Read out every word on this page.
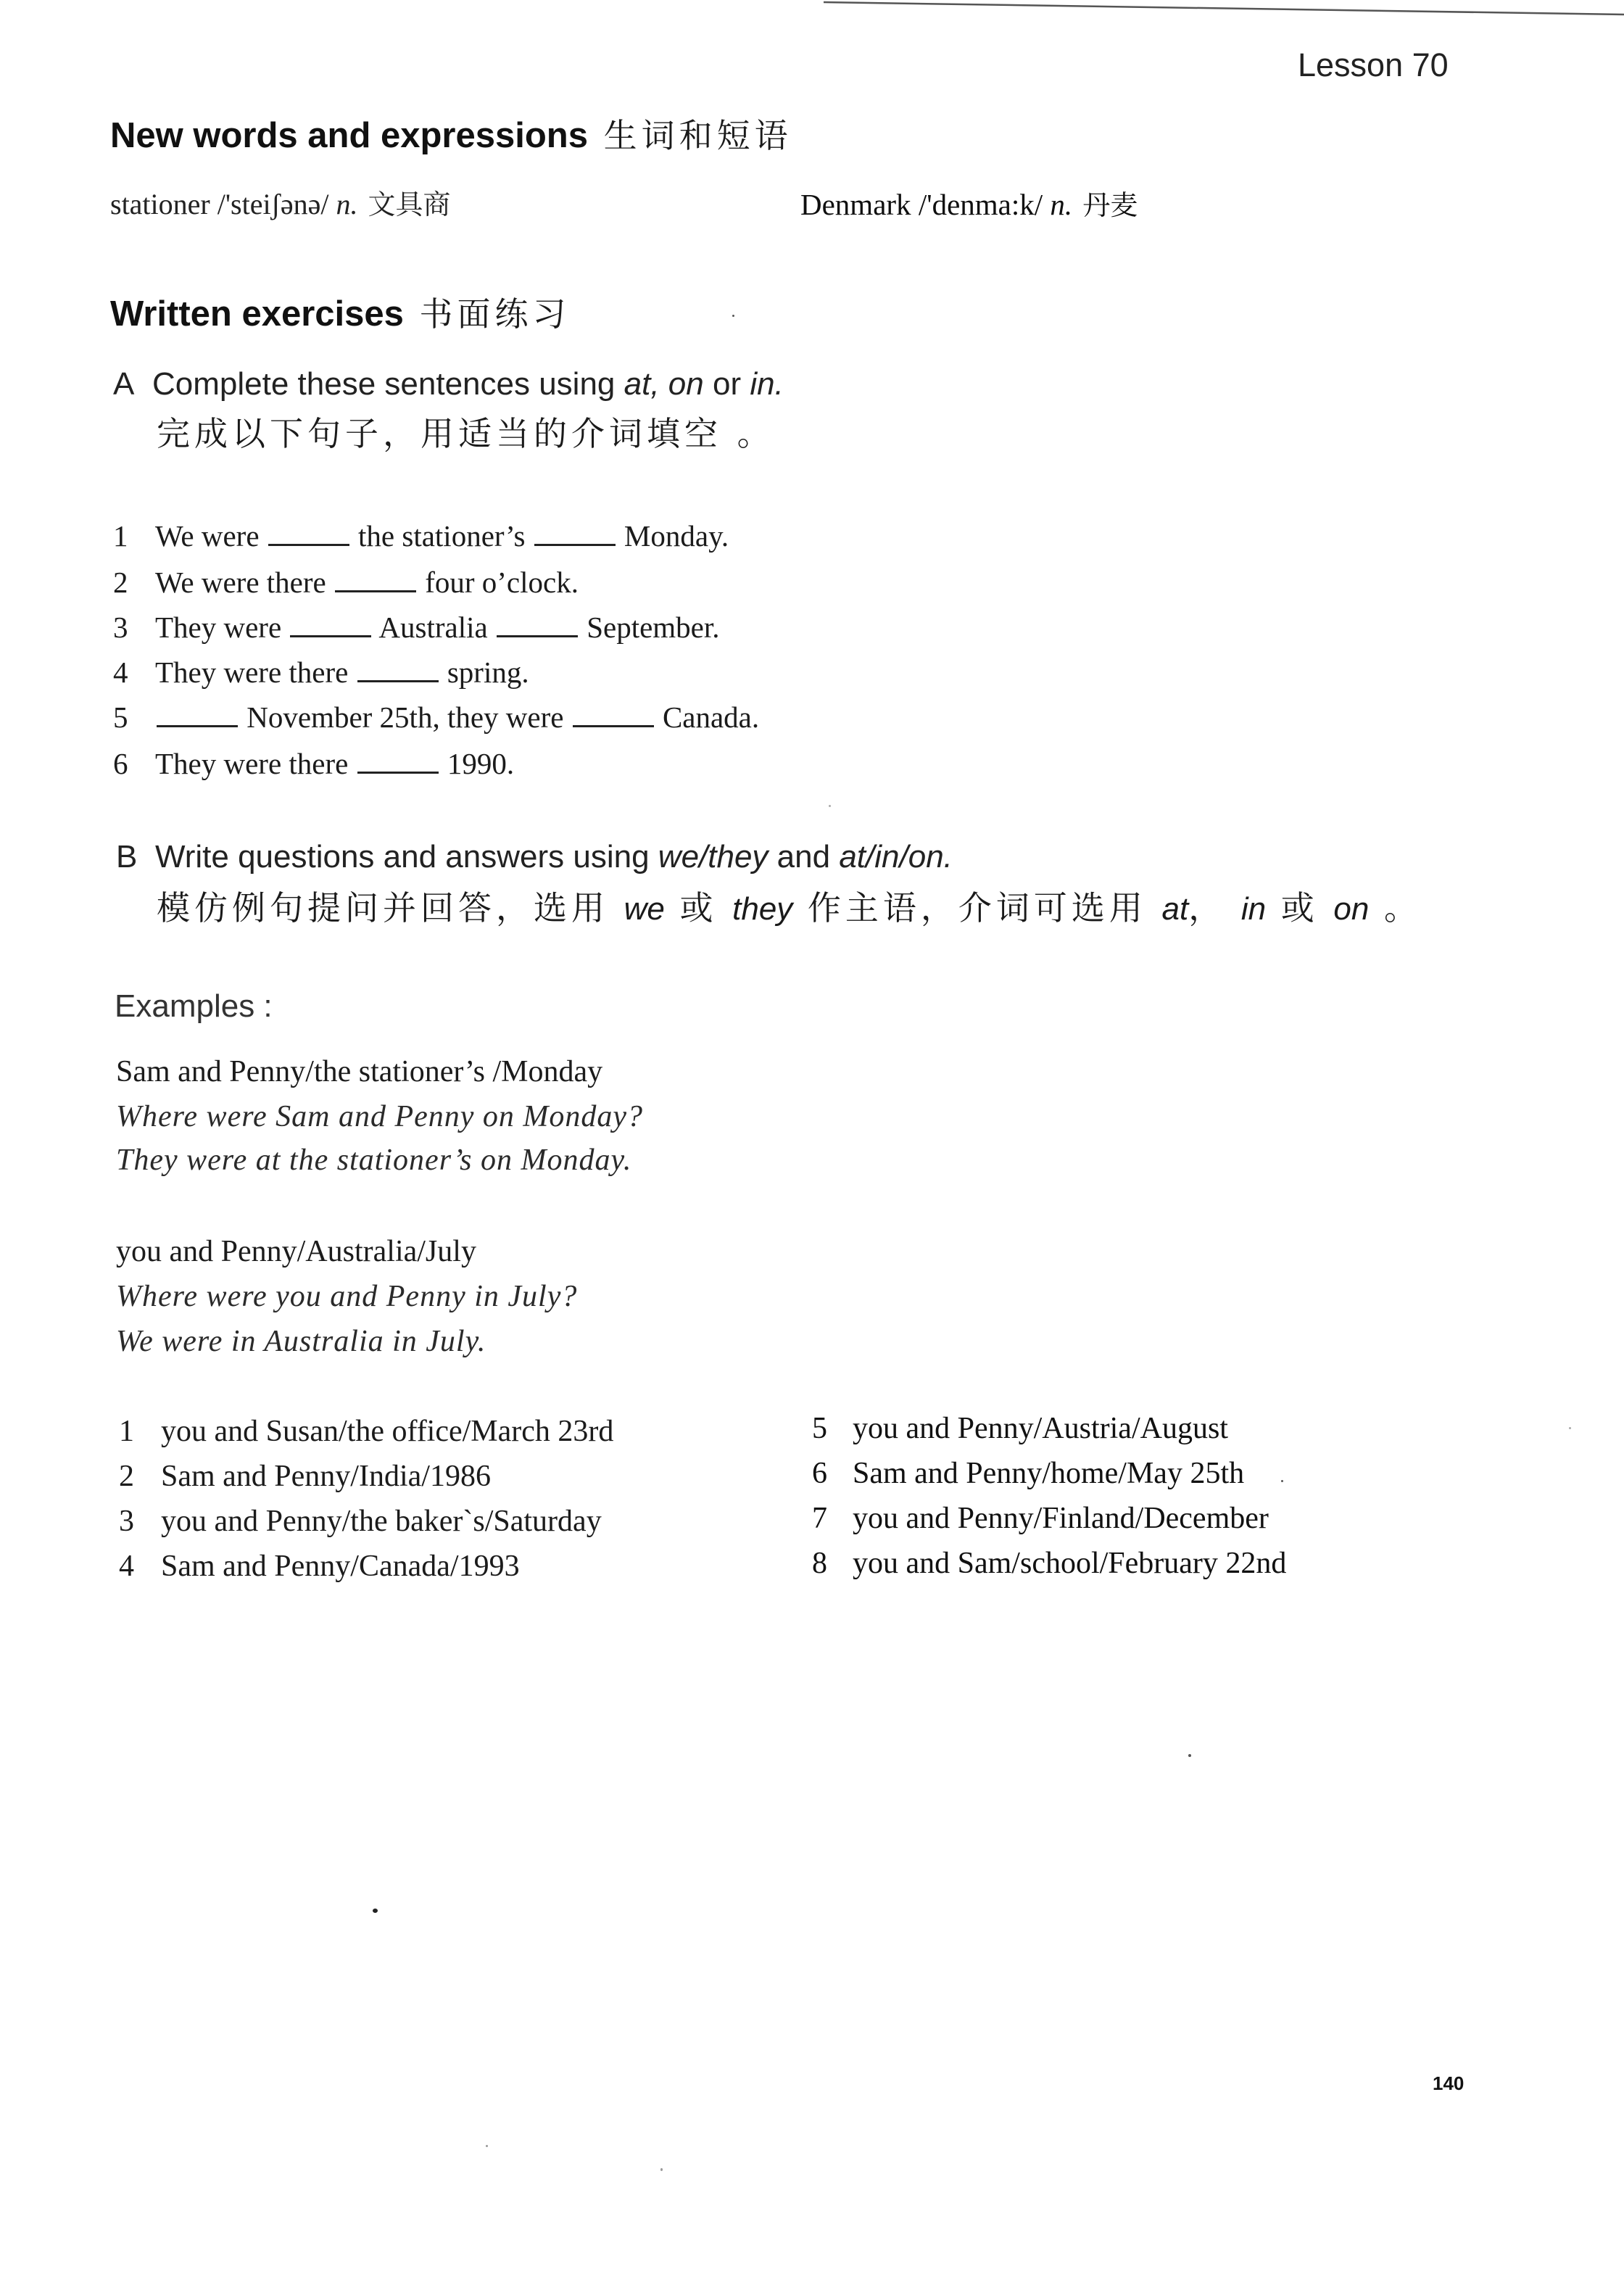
Lesson 70
New words and expressions 生词和短语
stationer /'steiʃənə/ n. 文具商	Denmark /'denma:k/ n. 丹麦
Written exercises 书面练习
A Complete these sentences using at, on or in.
完成以下句子，用适当的介词填空 。
1 We were	the stationer’s	Monday.
2 We were there	four o’clock.
3 They were	Australia	September.
4 They were there	spring.
5	November 25th, they were	Canada.
6 They were there	1990.
B Write questions and answers using we/they and at/in/on.
模仿例句提问并回答，选用 we 或 they 作主语，介词可选用 at， in 或 on 。
Examples :
Sam and Penny/the stationer’s /Monday
Where were Sam and Penny on Monday?
They were at the stationer’s on Monday.
you and Penny/Australia/July
Where were you and Penny in July?
We were in Australia in July.
1 you and Susan/the office/March 23rd
2 Sam and Penny/India/1986
3 you and Penny/the baker`s/Saturday
4 Sam and Penny/Canada/1993
5 you and Penny/Austria/August
6 Sam and Penny/home/May 25th
7 you and Penny/Finland/December
8 you and Sam/school/February 22nd
140
